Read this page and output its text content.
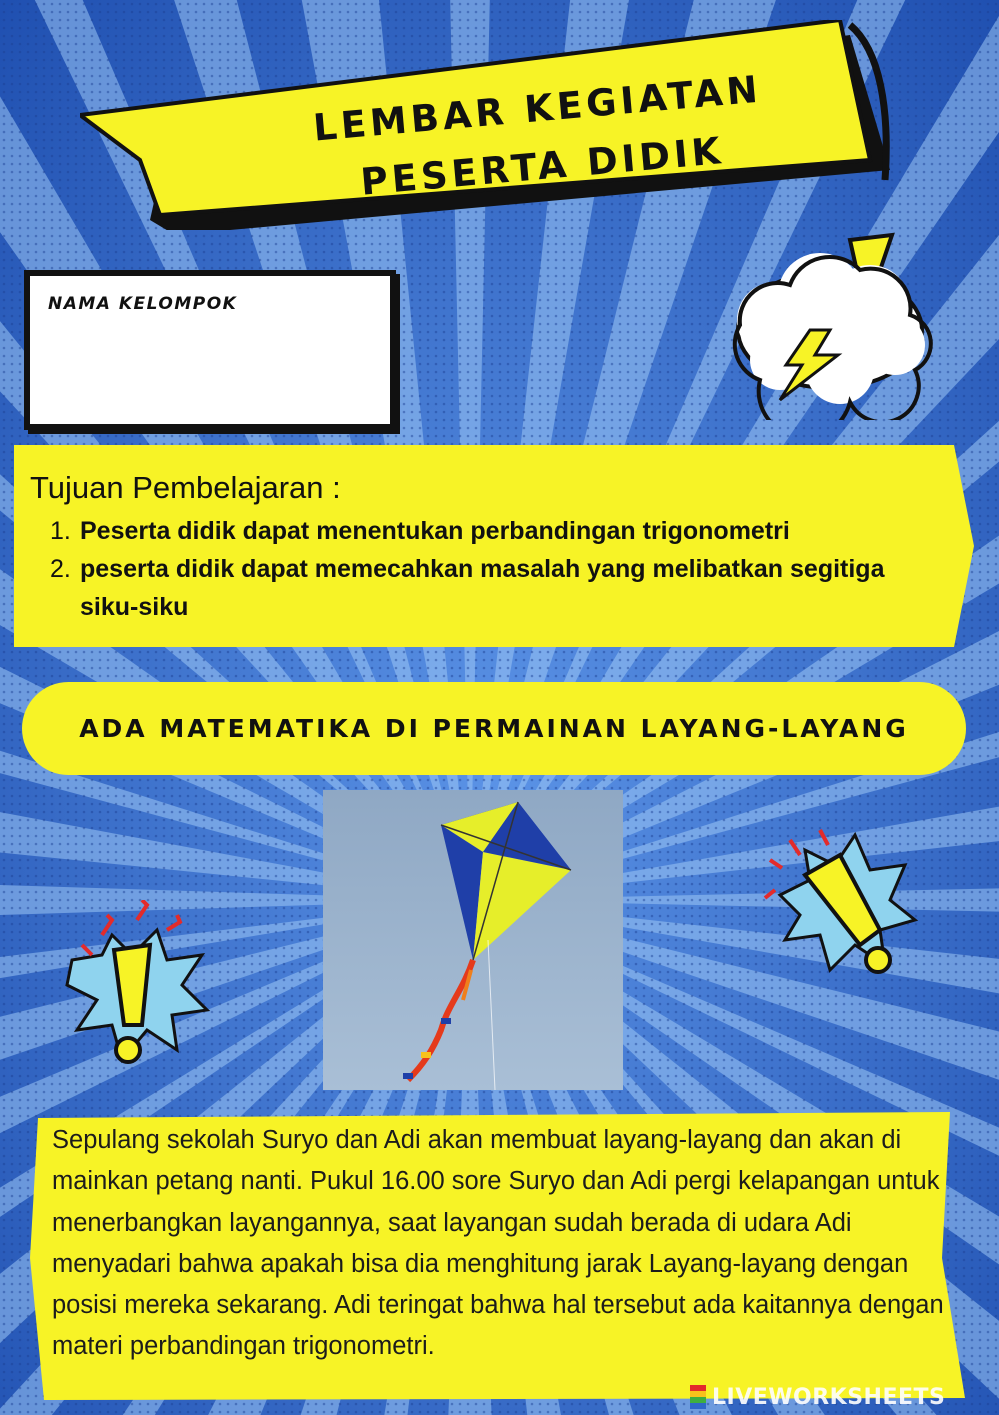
LEMBAR KEGIATAN
PESERTA DIDIK
NAMA KELOMPOK
Tujuan Pembelajaran :
1. Peserta didik dapat menentukan perbandingan trigonometri
2. peserta didik dapat memecahkan masalah yang melibatkan segitiga siku-siku
ADA MATEMATIKA DI PERMAINAN LAYANG-LAYANG
Sepulang sekolah Suryo dan Adi akan membuat layang-layang dan akan di mainkan petang nanti. Pukul 16.00 sore Suryo dan Adi pergi kelapangan untuk menerbangkan layangannya, saat layangan sudah berada di udara Adi menyadari bahwa apakah bisa dia menghitung jarak Layang-layang dengan posisi mereka sekarang. Adi teringat bahwa hal tersebut ada kaitannya dengan materi perbandingan trigonometri.
LIVEWORKSHEETS
